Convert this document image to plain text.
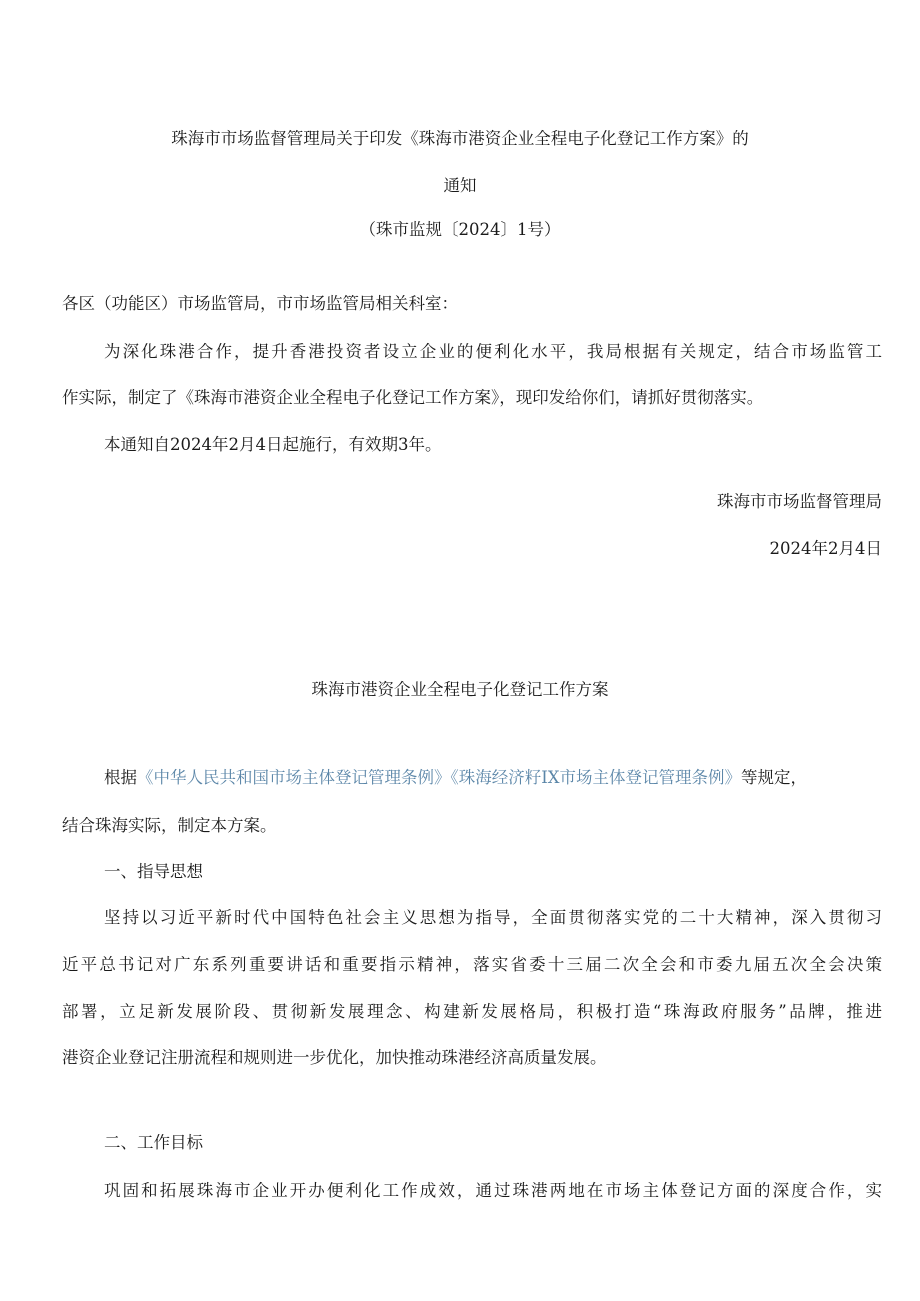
珠海市市场监督管理局关于印发《珠海市港资企业全程电子化登记工作方案》的
通知
（珠市监规〔2024〕1号）
各区（功能区）市场监管局，市市场监管局相关科室：
为深化珠港合作，提升香港投资者设立企业的便利化水平，我局根据有关规定，结合市场监管工
作实际，制定了《珠海市港资企业全程电子化登记工作方案》，现印发给你们，请抓好贯彻落实。
本通知自2024年2月4日起施行，有效期3年。
珠海市市场监督管理局
2024年2月4日
珠海市港资企业全程电子化登记工作方案
根据《中华人民共和国市场主体登记管理条例》《珠海经济籽IX市场主体登记管理条例》等规定，
结合珠海实际，制定本方案。
一、指导思想
坚持以习近平新时代中国特色社会主义思想为指导，全面贯彻落实党的二十大精神，深入贯彻习
近平总书记对广东系列重要讲话和重要指示精神，落实省委十三届二次全会和市委九届五次全会决策
部署，立足新发展阶段、贯彻新发展理念、构建新发展格局，积极打造“珠海政府服务”品牌，推进
港资企业登记注册流程和规则进一步优化，加快推动珠港经济高质量发展。
二、工作目标
巩固和拓展珠海市企业开办便利化工作成效，通过珠港两地在市场主体登记方面的深度合作，实
